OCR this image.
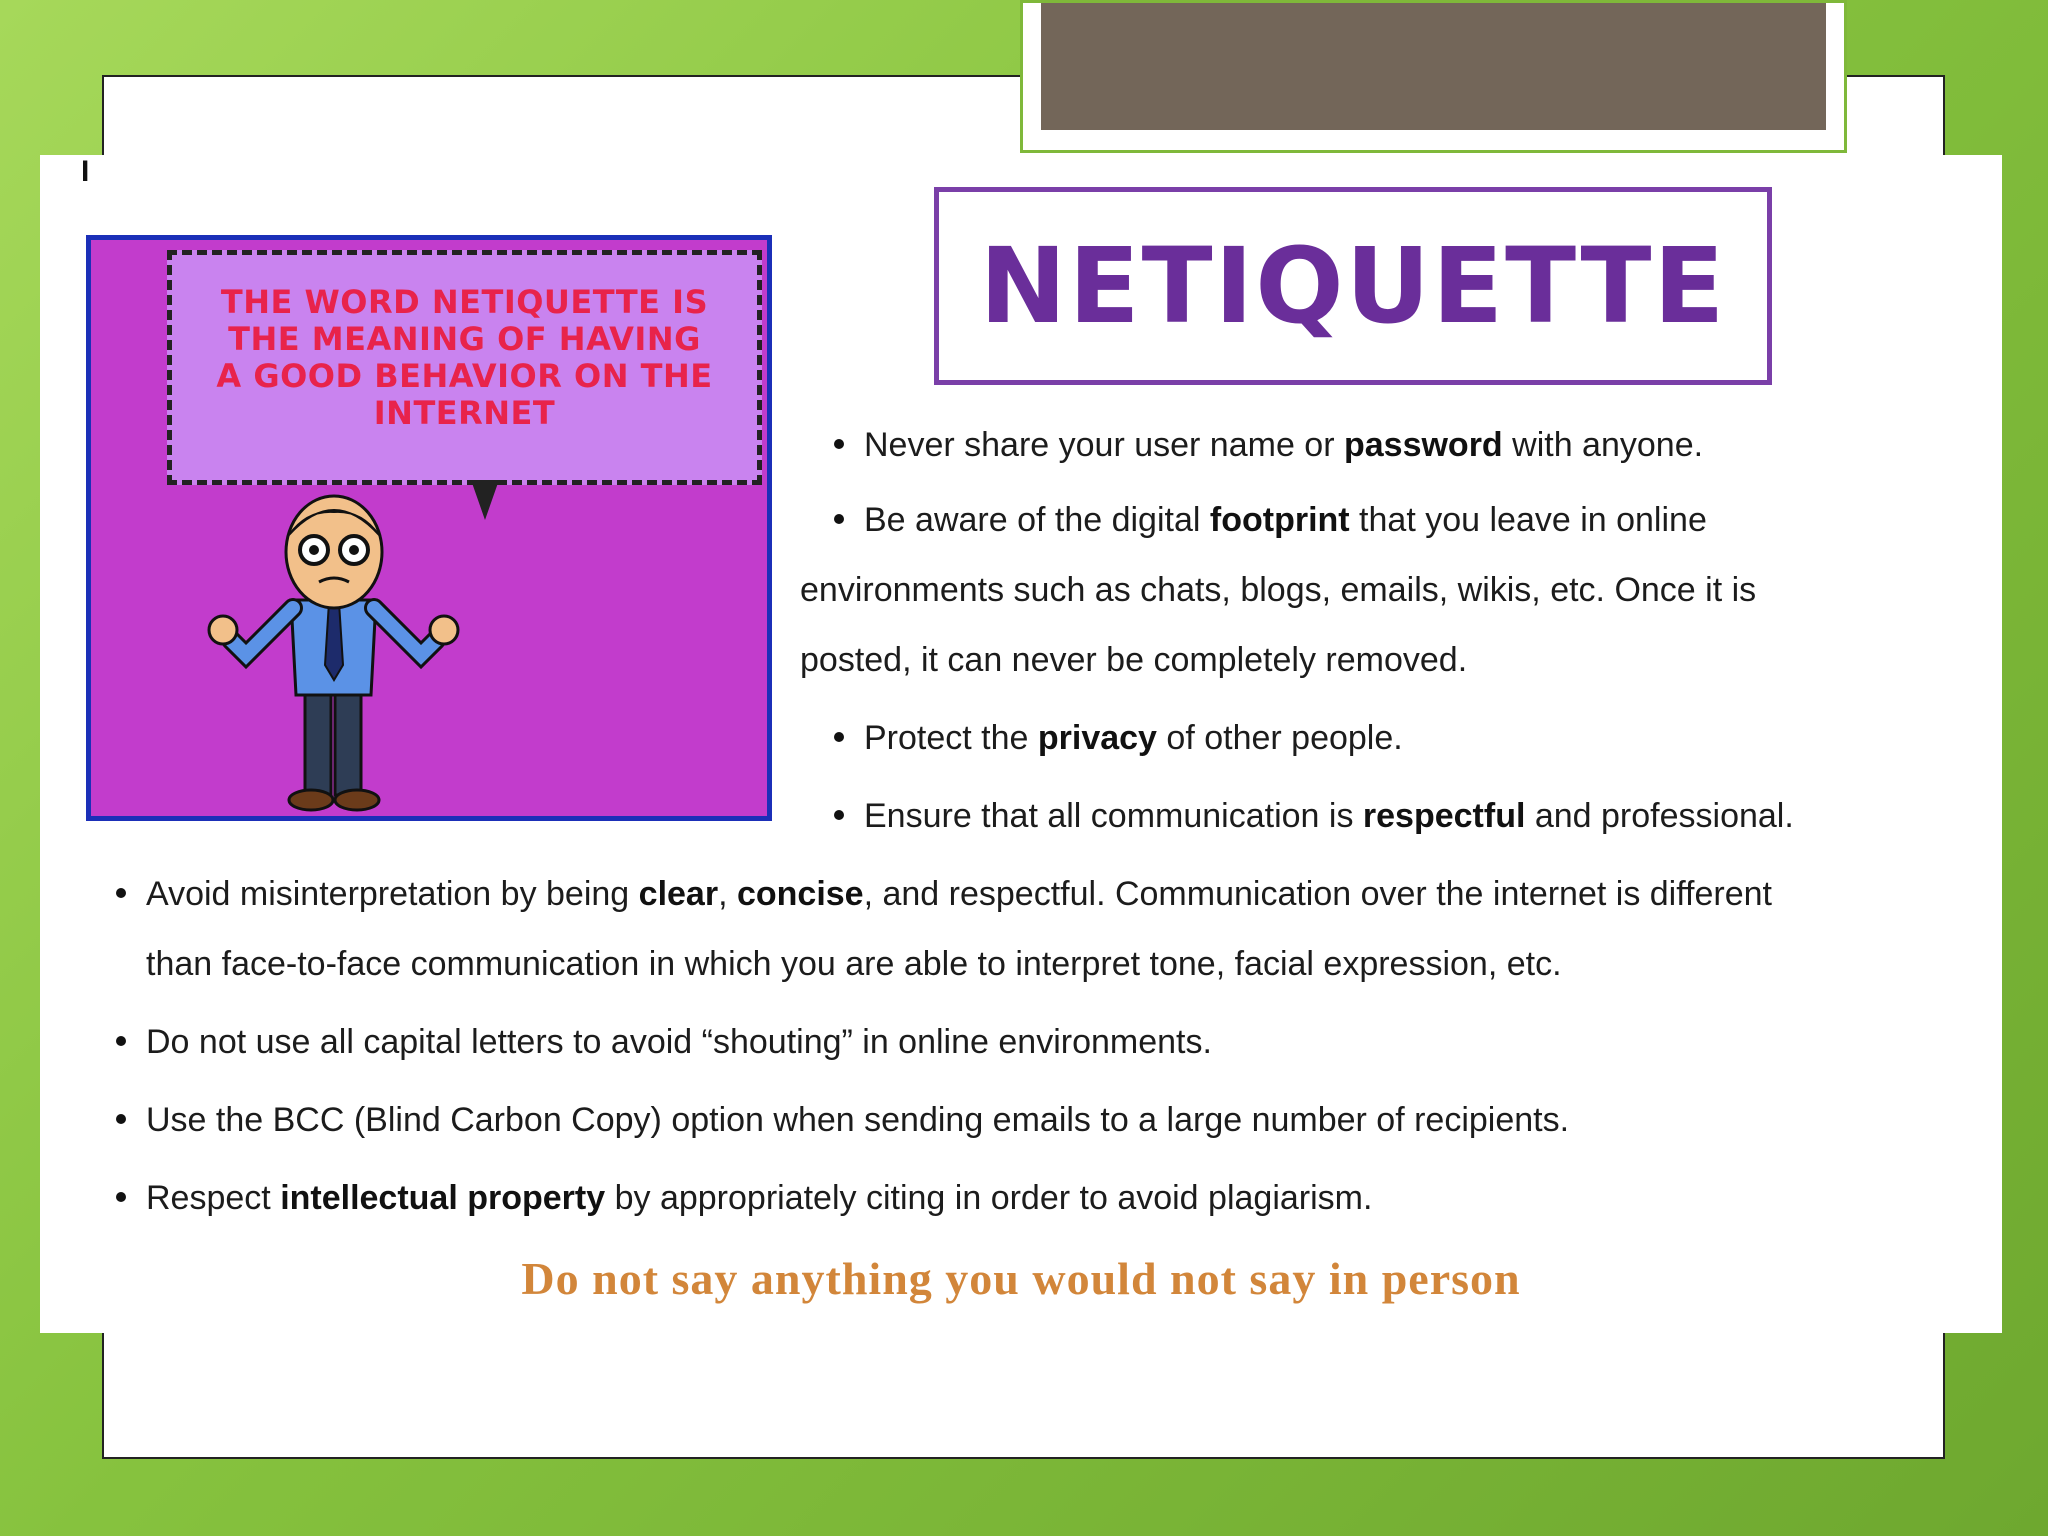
I
THE WORD NETIQUETTE IS THE MEANING OF HAVING A GOOD BEHAVIOR ON THE INTERNET
NETIQUETTE
Never share your user name or password with anyone.
Be aware of the digital footprint that you leave in online
environments such as chats, blogs, emails, wikis, etc. Once it is
posted, it can never be completely removed.
Protect the privacy of other people.
Ensure that all communication is respectful and professional.
Avoid misinterpretation by being clear, concise, and respectful. Communication over the internet is different
than face-to-face communication in which you are able to interpret tone, facial expression, etc.
Do not use all capital letters to avoid “shouting” in online environments.
Use the BCC (Blind Carbon Copy) option when sending emails to a large number of recipients.
Respect intellectual property by appropriately citing in order to avoid plagiarism.
Do not say anything you would not say in person
